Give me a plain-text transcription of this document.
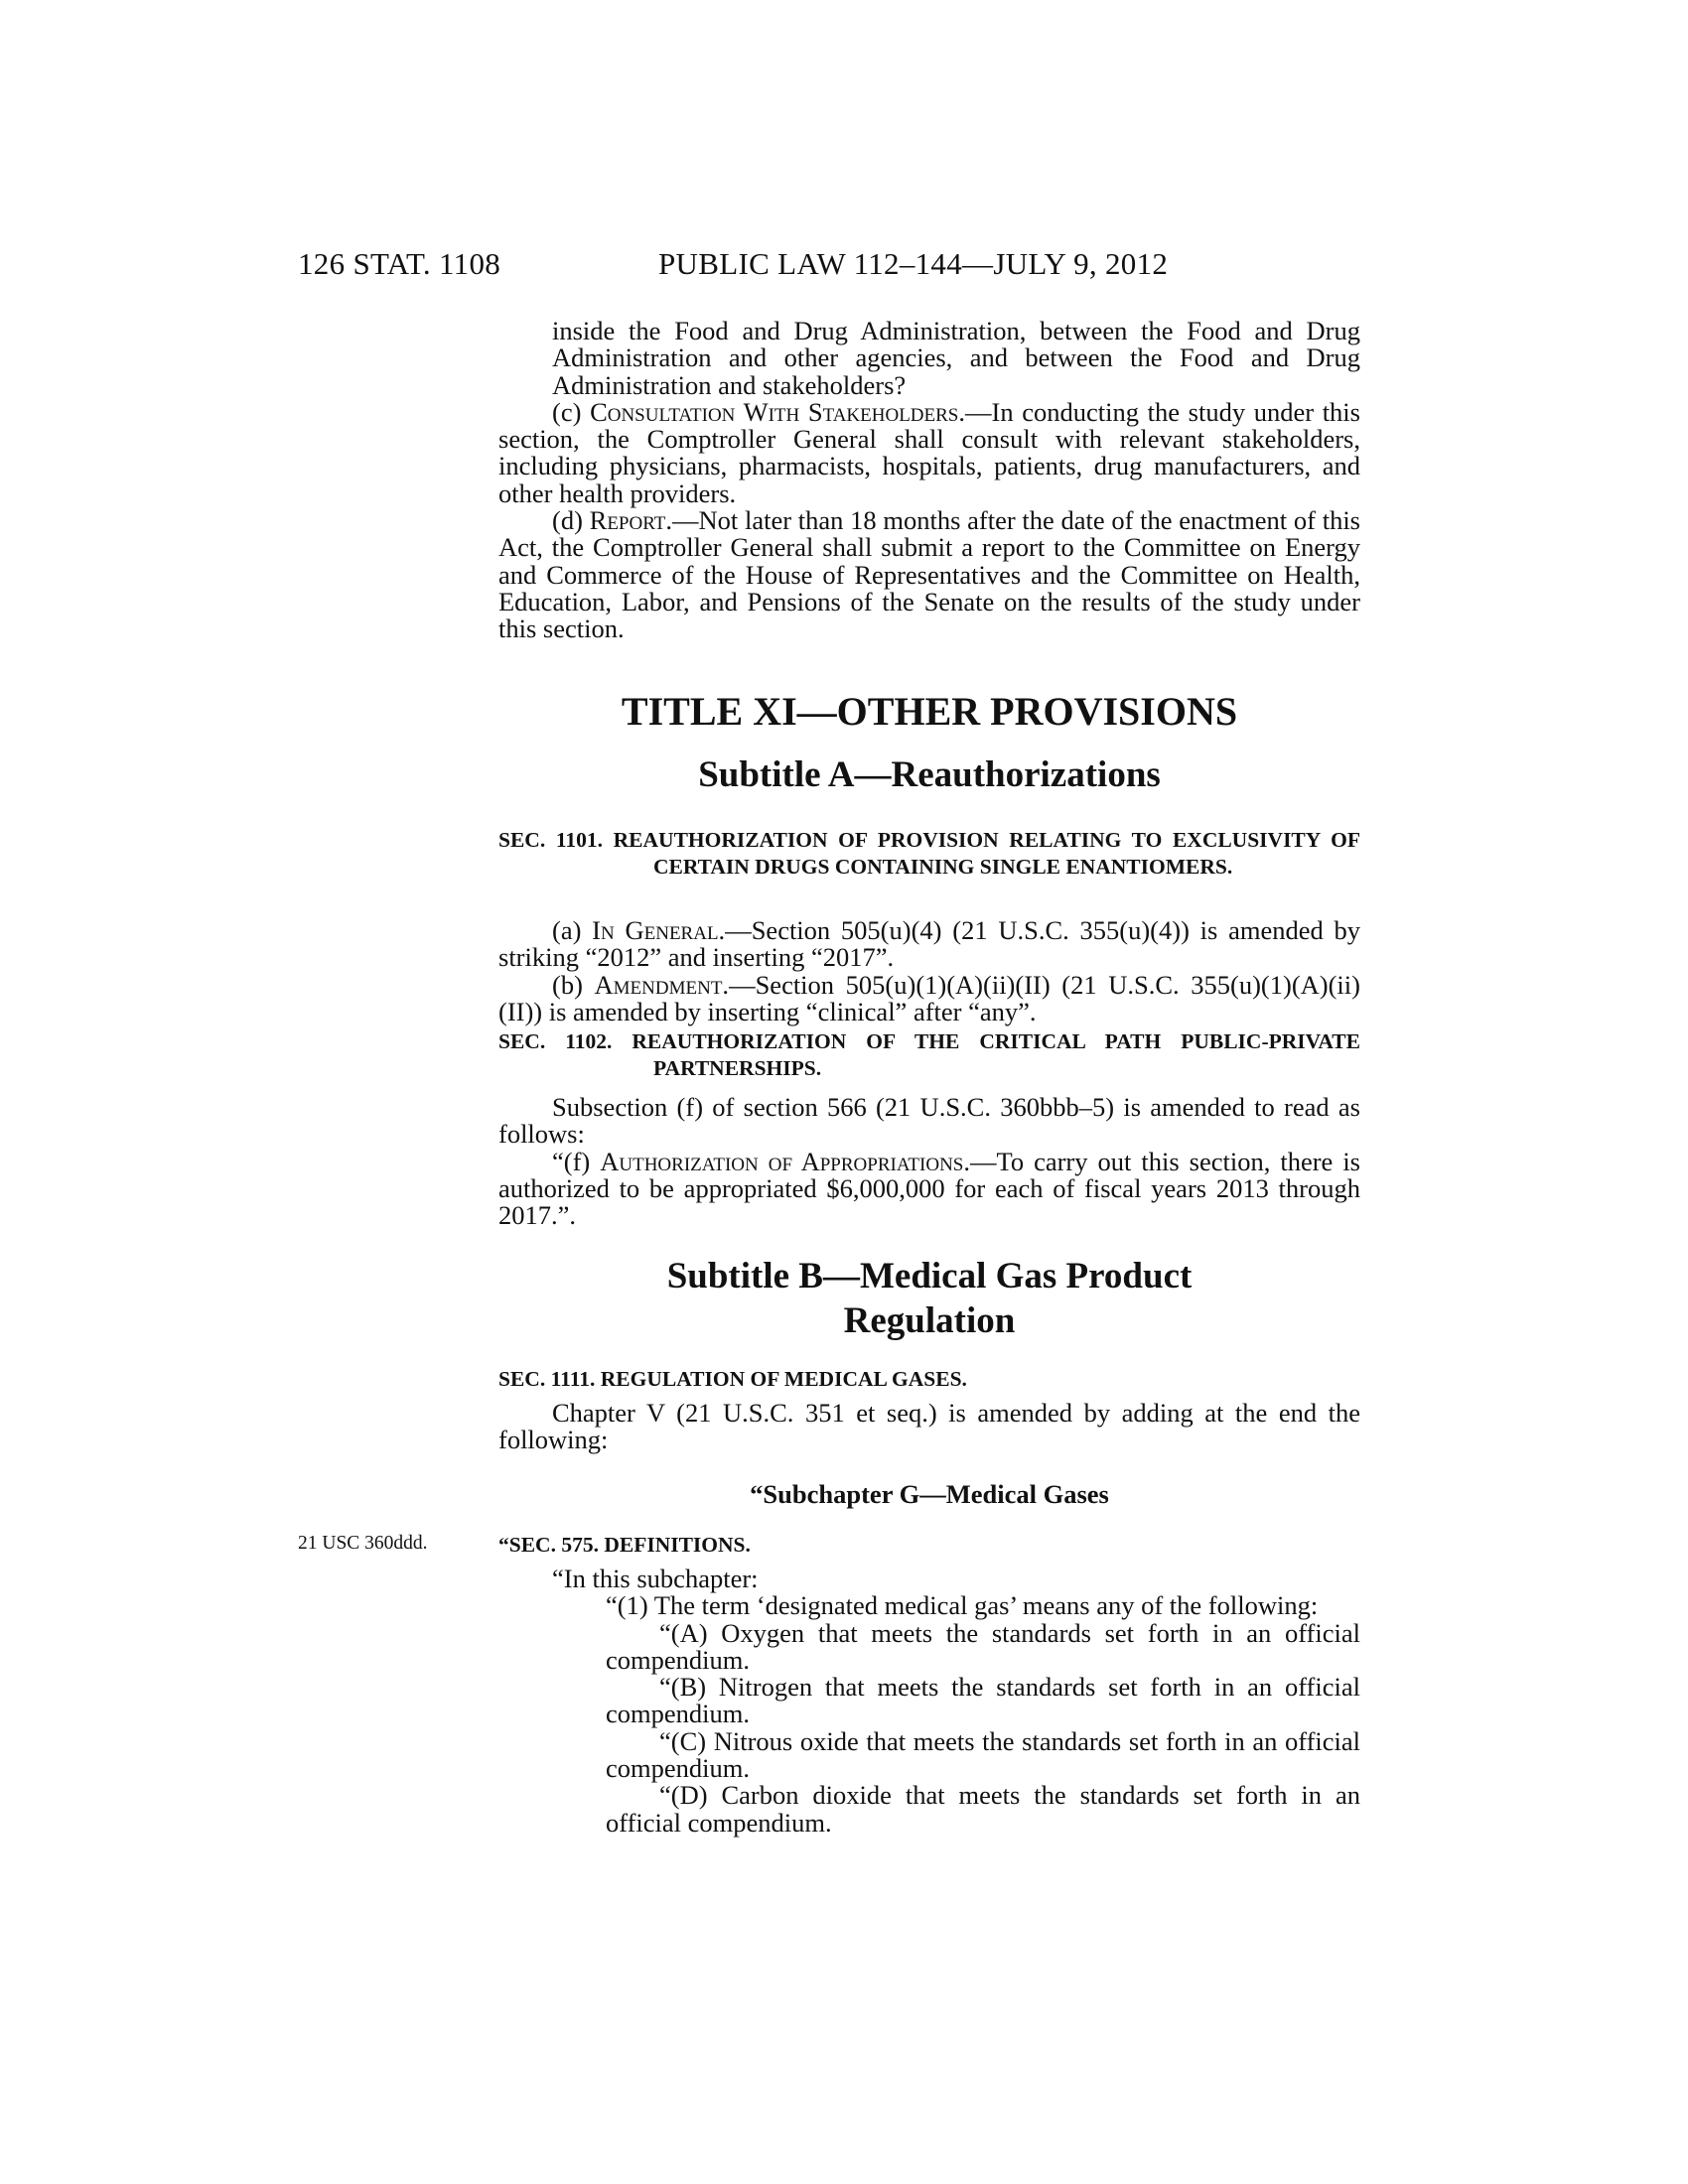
126 STAT. 1108	PUBLIC LAW 112–144—JULY 9, 2012

inside the Food and Drug Administration, between the Food and Drug Administration and other agencies, and between the Food and Drug Administration and stakeholders?

(c) Consultation With Stakeholders.—In conducting the study under this section, the Comptroller General shall consult with relevant stakeholders, including physicians, pharmacists, hospitals, patients, drug manufacturers, and other health providers.

(d) Report.—Not later than 18 months after the date of the enactment of this Act, the Comptroller General shall submit a report to the Committee on Energy and Commerce of the House of Representatives and the Committee on Health, Education, Labor, and Pensions of the Senate on the results of the study under this section.

TITLE XI—OTHER PROVISIONS
Subtitle A—Reauthorizations
SEC. 1101. REAUTHORIZATION OF PROVISION RELATING TO EXCLUSIVITY OF CERTAIN DRUGS CONTAINING SINGLE ENANTIOMERS.

(a) In General.—Section 505(u)(4) (21 U.S.C. 355(u)(4)) is amended by striking “2012” and inserting “2017”.

(b) Amendment.—Section 505(u)(1)(A)(ii)(II) (21 U.S.C. 355(u)(1)(A)(ii)(II)) is amended by inserting “clinical” after “any”.

SEC. 1102. REAUTHORIZATION OF THE CRITICAL PATH PUBLIC-PRIVATE PARTNERSHIPS.

Subsection (f) of section 566 (21 U.S.C. 360bbb–5) is amended to read as follows:

“(f) Authorization of Appropriations.—To carry out this section, there is authorized to be appropriated $6,000,000 for each of fiscal years 2013 through 2017.”.

Subtitle B—Medical Gas Product Regulation
SEC. 1111. REGULATION OF MEDICAL GASES.

Chapter V (21 U.S.C. 351 et seq.) is amended by adding at the end the following:

“Subchapter G—Medical Gases
21 USC 360ddd.	“SEC. 575. DEFINITIONS.

“In this subchapter:

“(1) The term ‘designated medical gas’ means any of the following:

“(A) Oxygen that meets the standards set forth in an official compendium.

“(B) Nitrogen that meets the standards set forth in an official compendium.

“(C) Nitrous oxide that meets the standards set forth in an official compendium.

“(D) Carbon dioxide that meets the standards set forth in an official compendium.
